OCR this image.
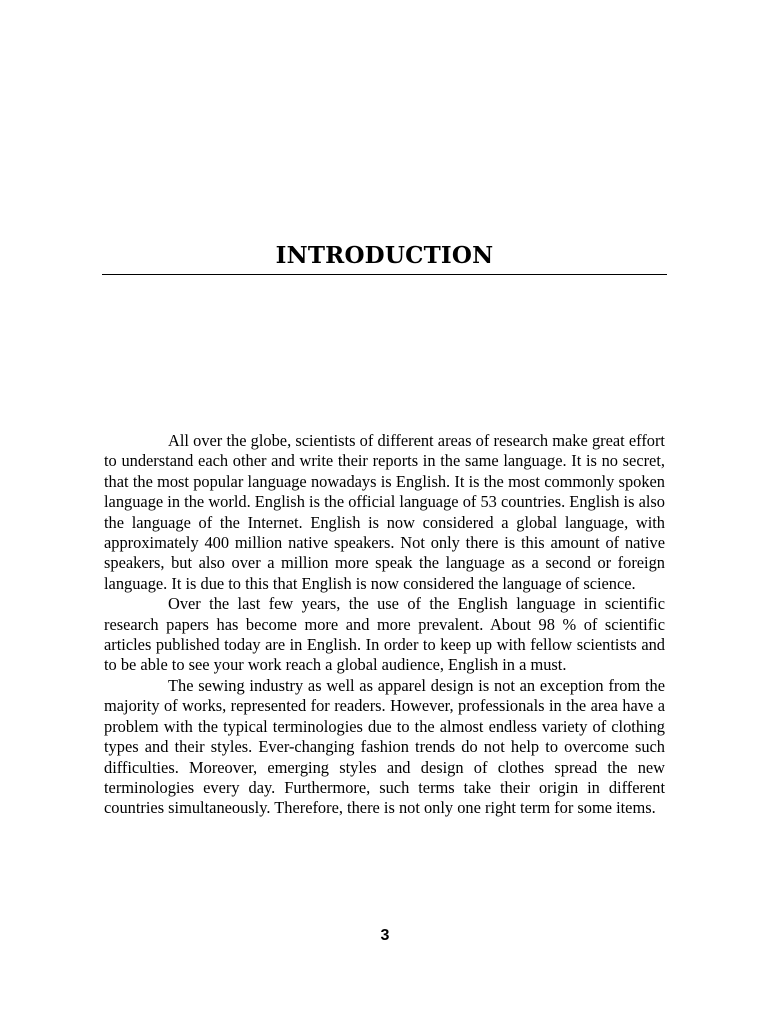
INTRODUCTION

All over the globe, scientists of different areas of research make great effort to understand each other and write their reports in the same language. It is no secret, that the most popular language nowadays is English. It is the most commonly spoken language in the world. English is the official language of 53 countries. English is also the language of the Internet. English is now considered a global language, with approximately 400 million native speakers. Not only there is this amount of native speakers, but also over a million more speak the language as a second or foreign language. It is due to this that English is now considered the language of science.

Over the last few years, the use of the English language in scientific research papers has become more and more prevalent. About 98 % of scientific articles published today are in English. In order to keep up with fellow scientists and to be able to see your work reach a global audience, English in a must.

The sewing industry as well as apparel design is not an exception from the majority of works, represented for readers. However, professionals in the area have a problem with the typical terminologies due to the almost endless variety of clothing types and their styles. Ever-changing fashion trends do not help to overcome such difficulties. Moreover, emerging styles and design of clothes spread the new terminologies every day. Furthermore, such terms take their origin in different countries simultaneously. Therefore, there is not only one right term for some items.

3
